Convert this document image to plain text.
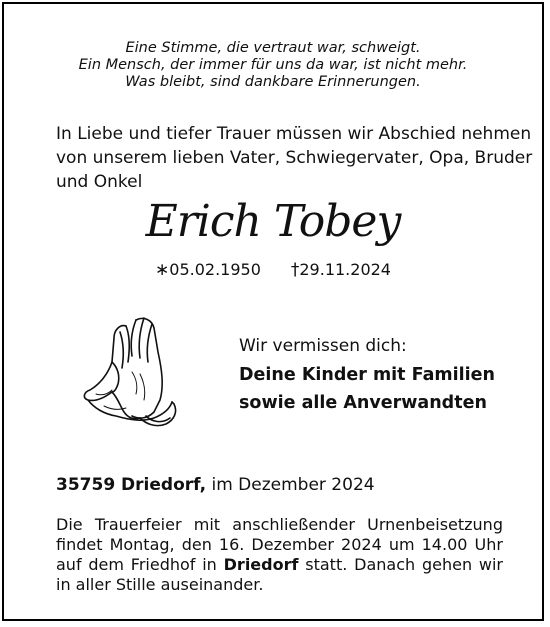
Eine Stimme, die vertraut war, schweigt.
Ein Mensch, der immer für uns da war, ist nicht mehr.
Was bleibt, sind dankbare Erinnerungen.
In Liebe und tiefer Trauer müssen wir Abschied nehmen
von unserem lieben Vater, Schwiegervater, Opa, Bruder
und Onkel
Erich Tobey
∗05.02.1950 †29.11.2024
Wir vermissen dich:
Deine Kinder mit Familien
sowie alle Anverwandten
35759 Driedorf, im Dezember 2024
Die Trauerfeier mit anschließender Urnenbeisetzung
findet Montag, den 16. Dezember 2024 um 14.00 Uhr
auf dem Friedhof in Driedorf statt. Danach gehen wir
in aller Stille auseinander.
